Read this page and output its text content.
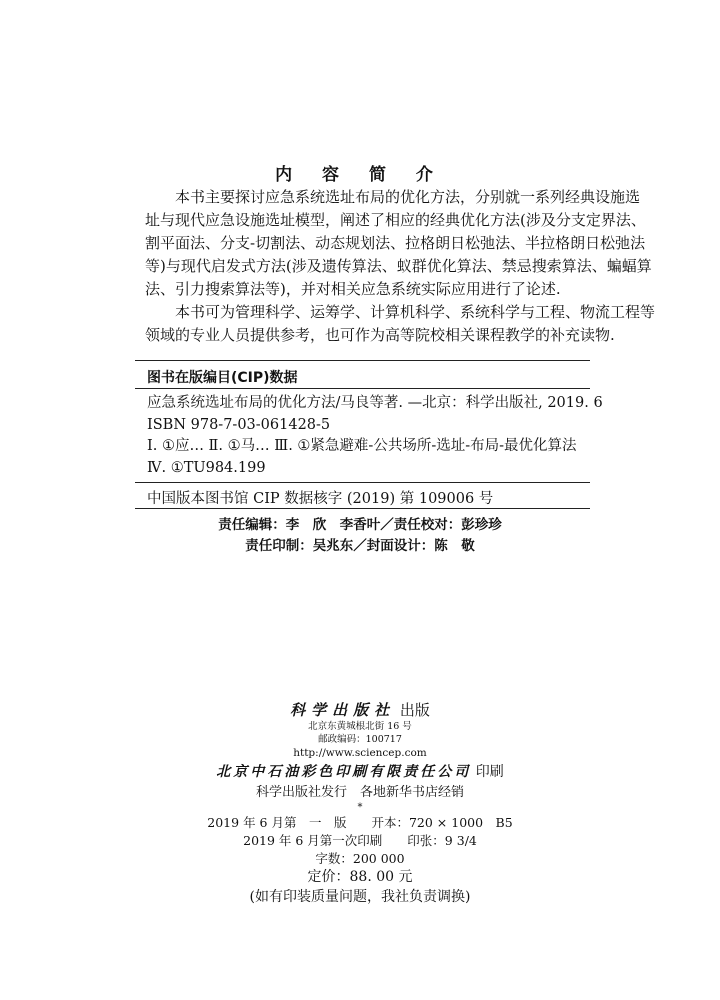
内 容 简 介

本书主要探讨应急系统选址布局的优化方法，分别就一系列经典设施选
址与现代应急设施选址模型，阐述了相应的经典优化方法(涉及分支定界法、
割平面法、分支-切割法、动态规划法、拉格朗日松弛法、半拉格朗日松弛法
等)与现代启发式方法(涉及遗传算法、蚁群优化算法、禁忌搜索算法、蝙蝠算
法、引力搜索算法等)，并对相关应急系统实际应用进行了论述.

本书可为管理科学、运筹学、计算机科学、系统科学与工程、物流工程等
领域的专业人员提供参考，也可作为高等院校相关课程教学的补充读物.

图书在版编目(CIP)数据
应急系统选址布局的优化方法/马良等著. —北京：科学出版社, 2019. 6
ISBN 978-7-03-061428-5
Ⅰ. ①应… Ⅱ. ①马… Ⅲ. ①紧急避难-公共场所-选址-布局-最优化算法
Ⅳ. ①TU984.199
中国版本图书馆 CIP 数据核字 (2019) 第 109006 号
责任编辑：李　欣　李香叶／责任校对：彭珍珍
责任印制：吴兆东／封面设计：陈　敬
科学出版社 出版
北京东黄城根北街 16 号
邮政编码：100717
http://www.sciencep.com
北京中石油彩色印刷有限责任公司 印刷
科学出版社发行　各地新华书店经销
*
2019 年 6 月第　一　版　　开本：720 × 1000　B5
2019 年 6 月第一次印刷　　印张：9 3/4
字数：200 000
定价：88. 00 元
(如有印装质量问题，我社负责调换)
